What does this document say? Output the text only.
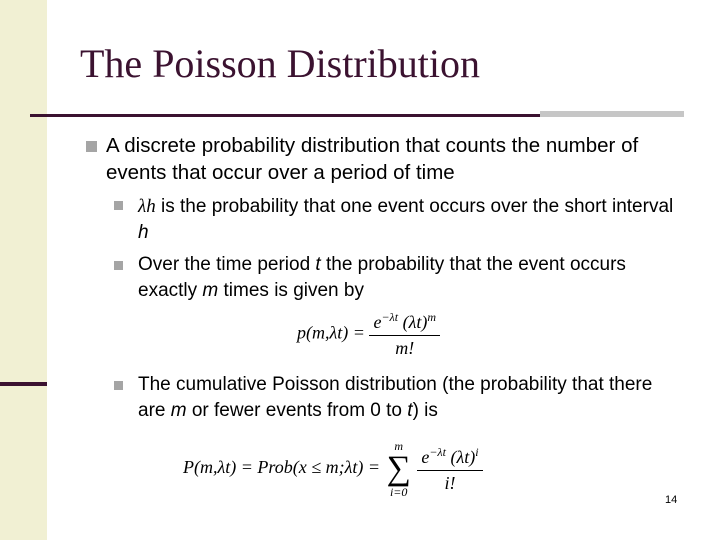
The Poisson Distribution

A discrete probability distribution that counts the number of events that occur over a period of time

λh is the probability that one event occurs over the short interval h

Over the time period t the probability that the event occurs exactly m times is given by

$p(m,\lambda t) = \frac{e^{-\lambda t} (\lambda t)^m}{m!}$

The cumulative Poisson distribution (the probability that there are m or fewer events from 0 to t) is

P(m,λt) = Prob(x ≤ m;λt) =
m
∑
i=0
$\frac{e^{-\lambda t} (\lambda t)^i}{i!}$
14
